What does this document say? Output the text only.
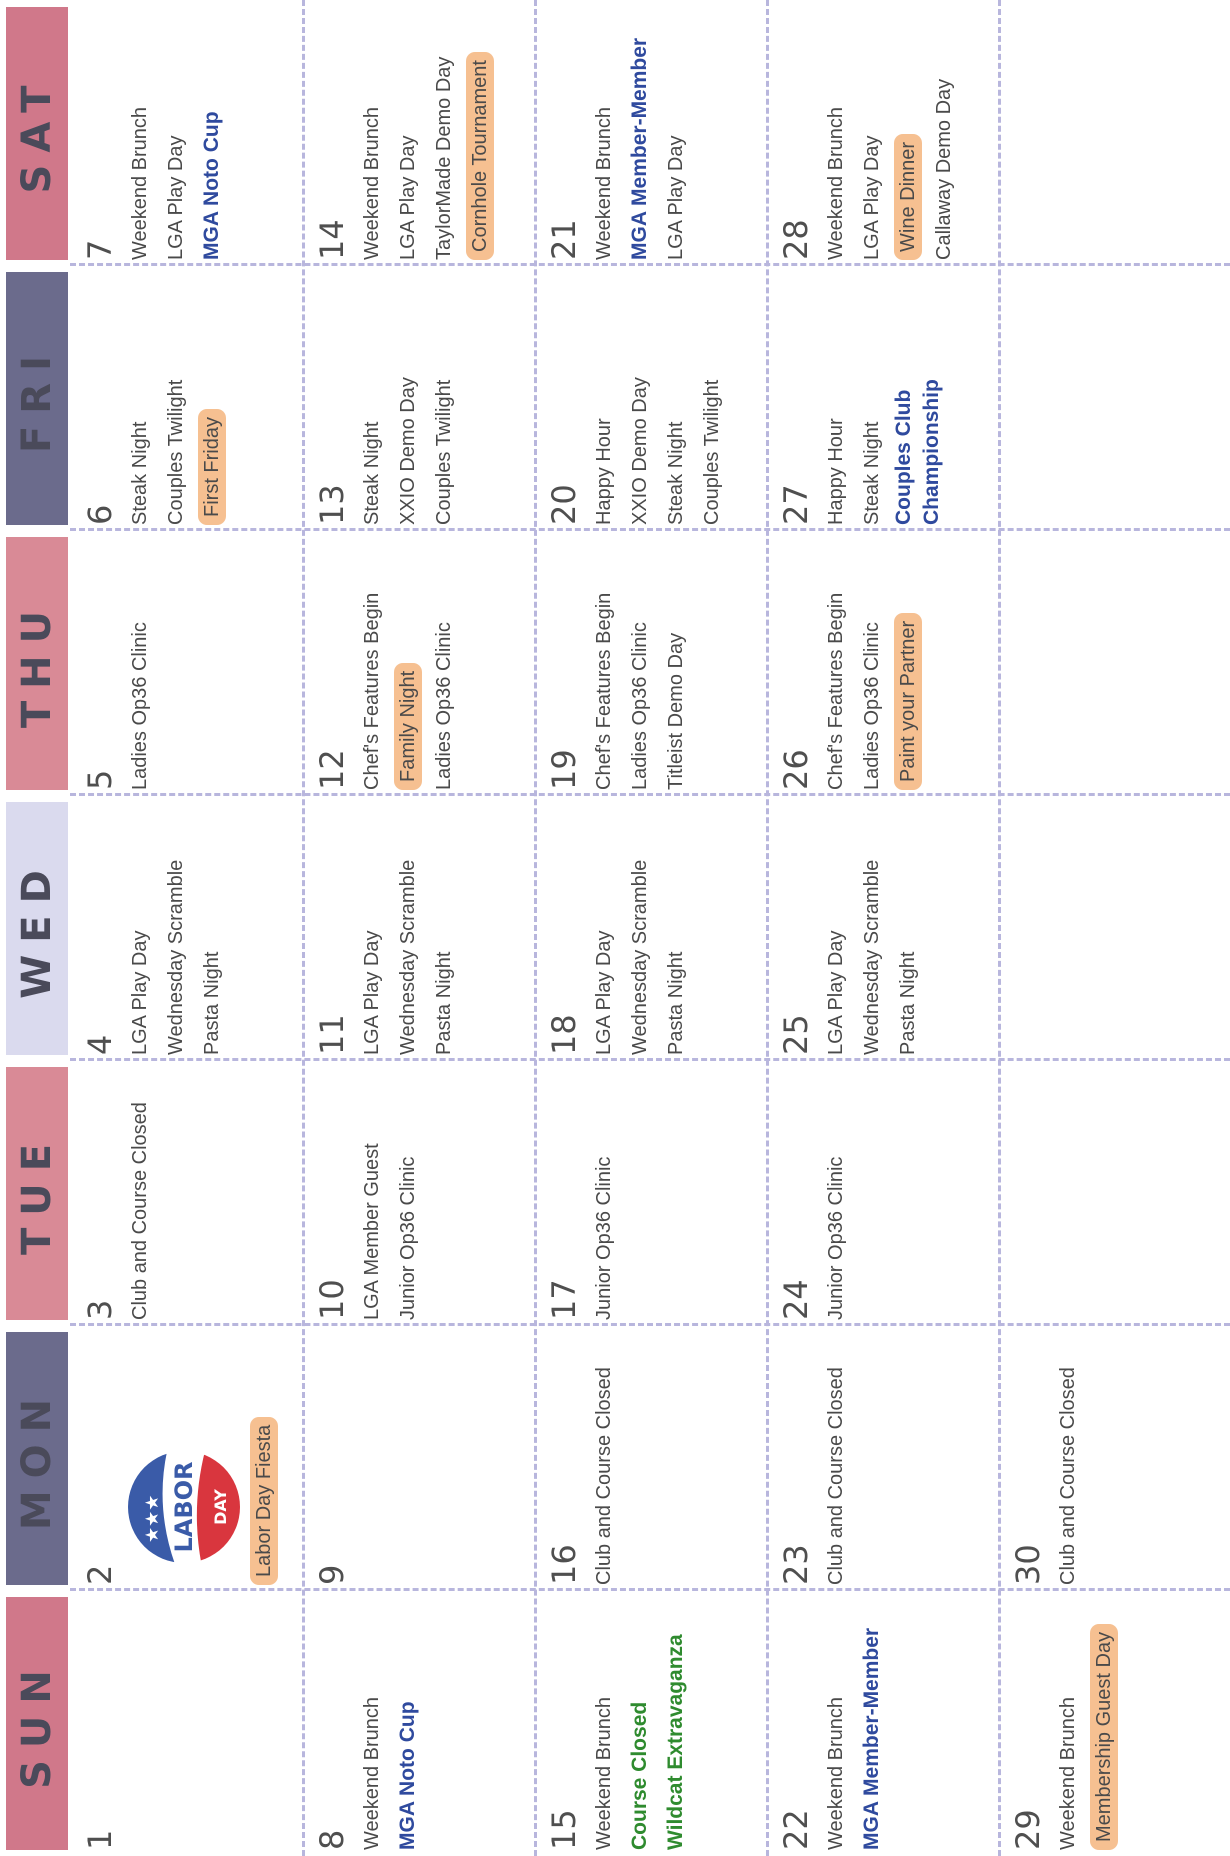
SUN
MON
TUE
WED
THU
FRI
SAT
1
2
★★★ LABOR DAY	Labor Day Fiesta
3 Club and Course Closed
4 LGA Play Day Wednesday Scramble Pasta Night
5 Ladies Op36 Clinic
6 Steak Night Couples Twilight First Friday
7 Weekend Brunch LGA Play Day MGA Noto Cup
8 Weekend Brunch MGA Noto Cup
9
10 LGA Member Guest Junior Op36 Clinic
11 LGA Play Day Wednesday Scramble Pasta Night
12 Chef's Features Begin Family Night Ladies Op36 Clinic
13 Steak Night XXIO Demo Day Couples Twilight
14 Weekend Brunch LGA Play Day TaylorMade Demo Day Cornhole Tournament
15 Weekend Brunch Course Closed Wildcat Extravaganza
16 Club and Course Closed
17 Junior Op36 Clinic
18 LGA Play Day Wednesday Scramble Pasta Night
19 Chef's Features Begin Ladies Op36 Clinic Titleist Demo Day
20 Happy Hour XXIO Demo Day Steak Night Couples Twilight
21 Weekend Brunch MGA Member-Member LGA Play Day
22 Weekend Brunch MGA Member-Member
23 Club and Course Closed
24 Junior Op36 Clinic
25 LGA Play Day Wednesday Scramble Pasta Night
26 Chef's Features Begin Ladies Op36 Clinic Paint your Partner
27 Happy Hour Steak Night Couples Club Championship
28 Weekend Brunch LGA Play Day Wine Dinner Callaway Demo Day
29 Weekend Brunch Membership Guest Day
30 Club and Course Closed
